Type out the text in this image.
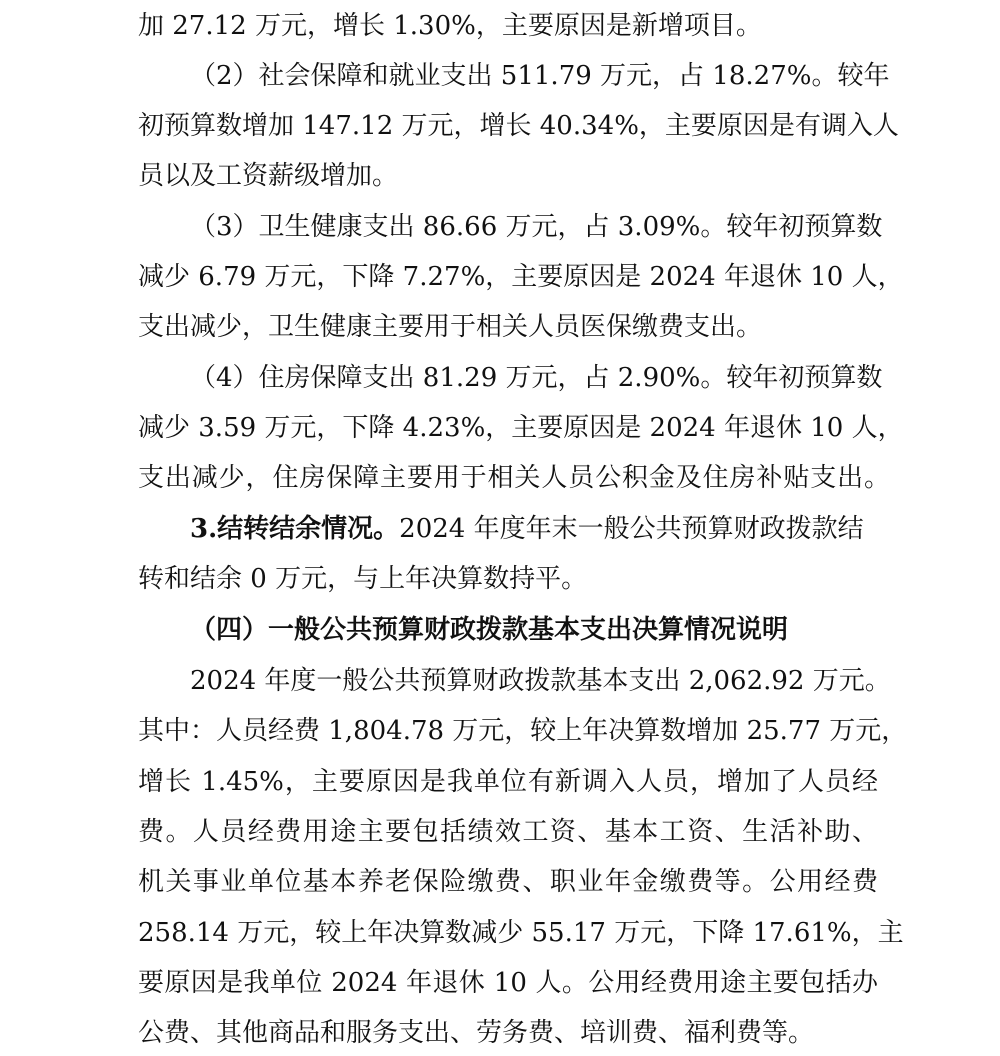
加 27.12 万元，增长 1.30%，主要原因是新增项目。
（2）社会保障和就业支出 511.79 万元，占 18.27%。较年
初预算数增加 147.12 万元，增长 40.34%，主要原因是有调入人
员以及工资薪级增加。
（3）卫生健康支出 86.66 万元，占 3.09%。较年初预算数
减少 6.79 万元，下降 7.27%，主要原因是 2024 年退休 10 人，
支出减少，卫生健康主要用于相关人员医保缴费支出。
（4）住房保障支出 81.29 万元，占 2.90%。较年初预算数
减少 3.59 万元，下降 4.23%，主要原因是 2024 年退休 10 人，
支出减少，住房保障主要用于相关人员公积金及住房补贴支出。
3.结转结余情况。2024 年度年末一般公共预算财政拨款结
转和结余 0 万元，与上年决算数持平。
（四）一般公共预算财政拨款基本支出决算情况说明
2024 年度一般公共预算财政拨款基本支出 2,062.92 万元。
其中：人员经费 1,804.78 万元，较上年决算数增加 25.77 万元，
增长 1.45%，主要原因是我单位有新调入人员，增加了人员经
费。人员经费用途主要包括绩效工资、基本工资、生活补助、
机关事业单位基本养老保险缴费、职业年金缴费等。公用经费
258.14 万元，较上年决算数减少 55.17 万元，下降 17.61%，主
要原因是我单位 2024 年退休 10 人。公用经费用途主要包括办
公费、其他商品和服务支出、劳务费、培训费、福利费等。
